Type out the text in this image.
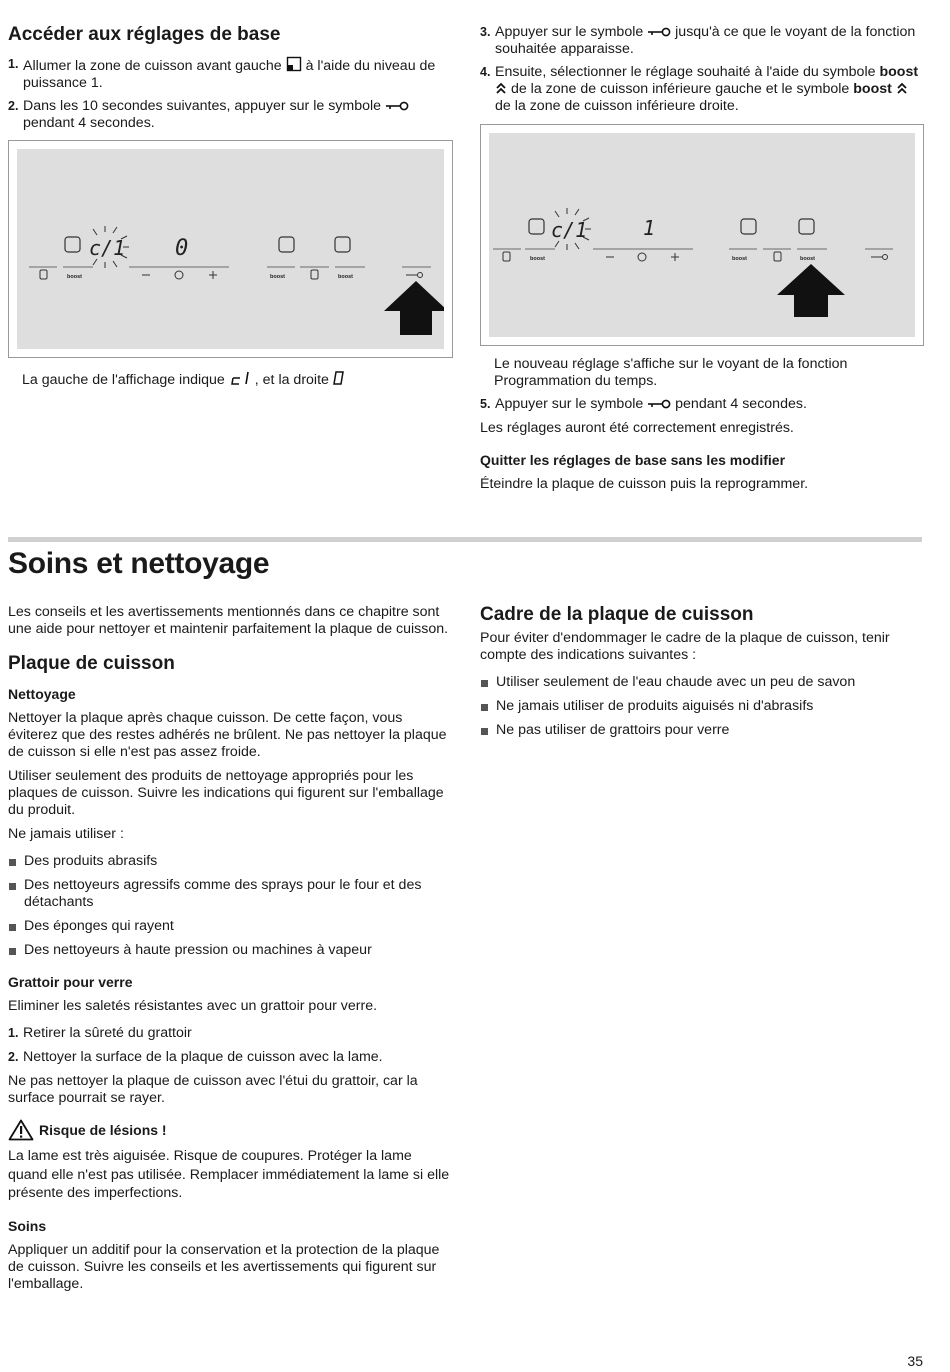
Accéder aux réglages de base
1. Allumer la zone de cuisson avant gauche à l'aide du niveau de puissance 1.
2. Dans les 10 secondes suivantes, appuyer sur le symbole  pendant 4 secondes.
c/1 0
boost	boost	boost
La gauche de l'affichage indique , et la droite
3. Appuyer sur le symbole jusqu'à ce que le voyant de la fonction souhaitée apparaisse.
4. Ensuite, sélectionner le réglage souhaité à l'aide du symbole boost  de la zone de cuisson inférieure gauche et le symbole boost  de la zone de cuisson inférieure droite.
c/1	1
boost	boost	boost

Le nouveau réglage s'affiche sur le voyant de la fonction Programmation du temps.

5. Appuyer sur le symbole pendant 4 secondes.

Les réglages auront été correctement enregistrés.

Quitter les réglages de base sans les modifier

Éteindre la plaque de cuisson puis la reprogrammer.

Soins et nettoyage

Les conseils et les avertissements mentionnés dans ce chapitre sont une aide pour nettoyer et maintenir parfaitement la plaque de cuisson.

Plaque de cuisson
Nettoyage

Nettoyer la plaque après chaque cuisson. De cette façon, vous éviterez que des restes adhérés ne brûlent. Ne pas nettoyer la plaque de cuisson si elle n'est pas assez froide.

Utiliser seulement des produits de nettoyage appropriés pour les plaques de cuisson. Suivre les indications qui figurent sur l'emballage du produit.

Ne jamais utiliser :

Des produits abrasifs
Des nettoyeurs agressifs comme des sprays pour le four et des détachants
Des éponges qui rayent
Des nettoyeurs à haute pression ou machines à vapeur
Grattoir pour verre

Eliminer les saletés résistantes avec un grattoir pour verre.

1. Retirer la sûreté du grattoir
2. Nettoyer la surface de la plaque de cuisson avec la lame.

Ne pas nettoyer la plaque de cuisson avec l'étui du grattoir, car la surface pourrait se rayer.

Risque de lésions !

La lame est très aiguisée. Risque de coupures. Protéger la lame quand elle n'est pas utilisée. Remplacer immédiatement la lame si elle présente des imperfections.

Soins

Appliquer un additif pour la conservation et la protection de la plaque de cuisson. Suivre les conseils et les avertissements qui figurent sur l'emballage.

Cadre de la plaque de cuisson

Pour éviter d'endommager le cadre de la plaque de cuisson, tenir compte des indications suivantes :

Utiliser seulement de l'eau chaude avec un peu de savon
Ne jamais utiliser de produits aiguisés ni d'abrasifs
Ne pas utiliser de grattoirs pour verre
35
